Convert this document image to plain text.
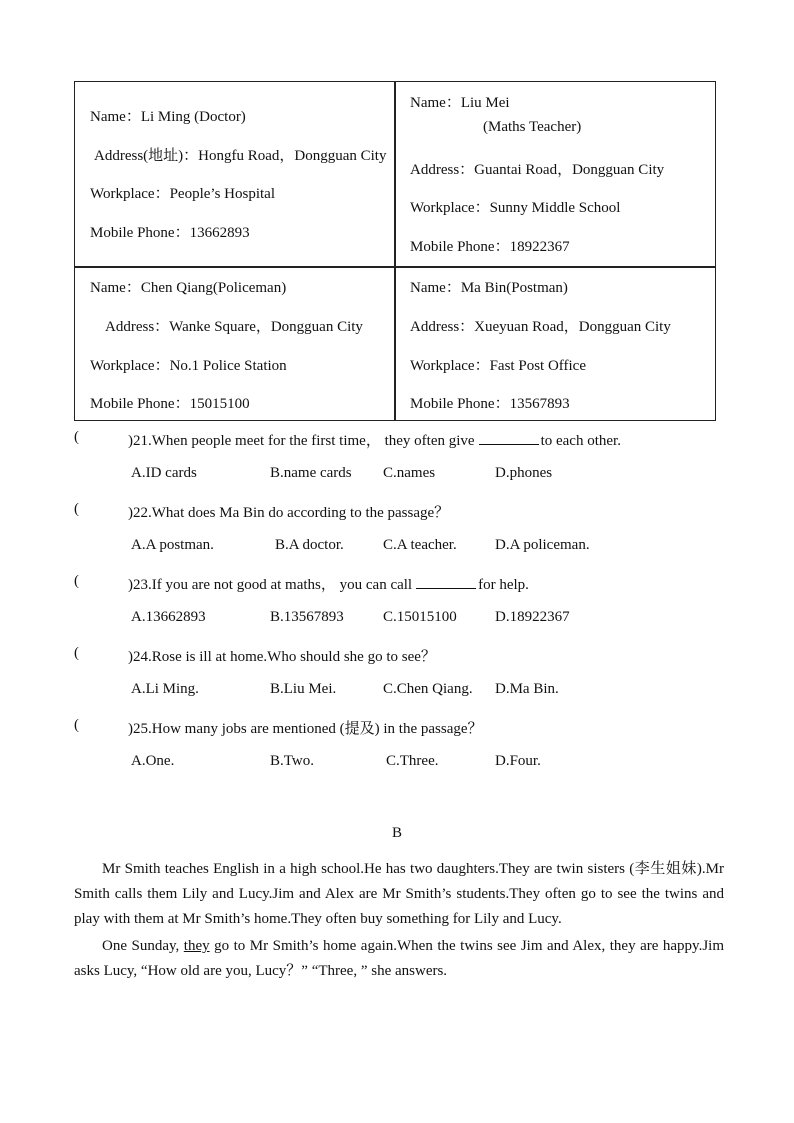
Name：Li Ming (Doctor)
Address(地址)：Hongfu Road，Dongguan City
Workplace：People’s Hospital
Mobile Phone：13662893
Name：Liu Mei
(Maths Teacher)
Address：Guantai Road，Dongguan City
Workplace：Sunny Middle School
Mobile Phone：18922367
Name：Chen Qiang(Policeman)
Address：Wanke Square，Dongguan City
Workplace：No.1 Police Station
Mobile Phone：15015100
Name：Ma Bin(Postman)
Address：Xueyuan Road，Dongguan City
Workplace：Fast Post Office
Mobile Phone：13567893
(	)21.When people meet for the first time， they often give	to each other.
A.ID cards	B.name cards C.names	D.phones
(	)22.What does Ma Bin do according to the passage？
A.A postman.	B.A doctor.	C.A teacher.	D.A policeman.
(	)23.If you are not good at maths， you can call	for help.
A.13662893	B.13567893	C.15015100	D.18922367
(	)24.Rose is ill at home.Who should she go to see？
A.Li Ming.	B.Liu Mei.	C.Chen Qiang. D.Ma Bin.
(	)25.How many jobs are mentioned (提及) in the passage？
A.One.	B.Two.	C.Three.	D.Four.
B

Mr Smith teaches English in a high school.He has two daughters.They are twin sisters (李生姐妹).Mr Smith calls them Lily and Lucy.Jim and Alex are Mr Smith’s students.They often go to see the twins and play with them at Mr Smith’s home.They often buy something for Lily and Lucy.

One Sunday, they go to Mr Smith’s home again.When the twins see Jim and Alex, they are happy.Jim asks Lucy, “How old are you, Lucy？” “Three, ” she answers.
